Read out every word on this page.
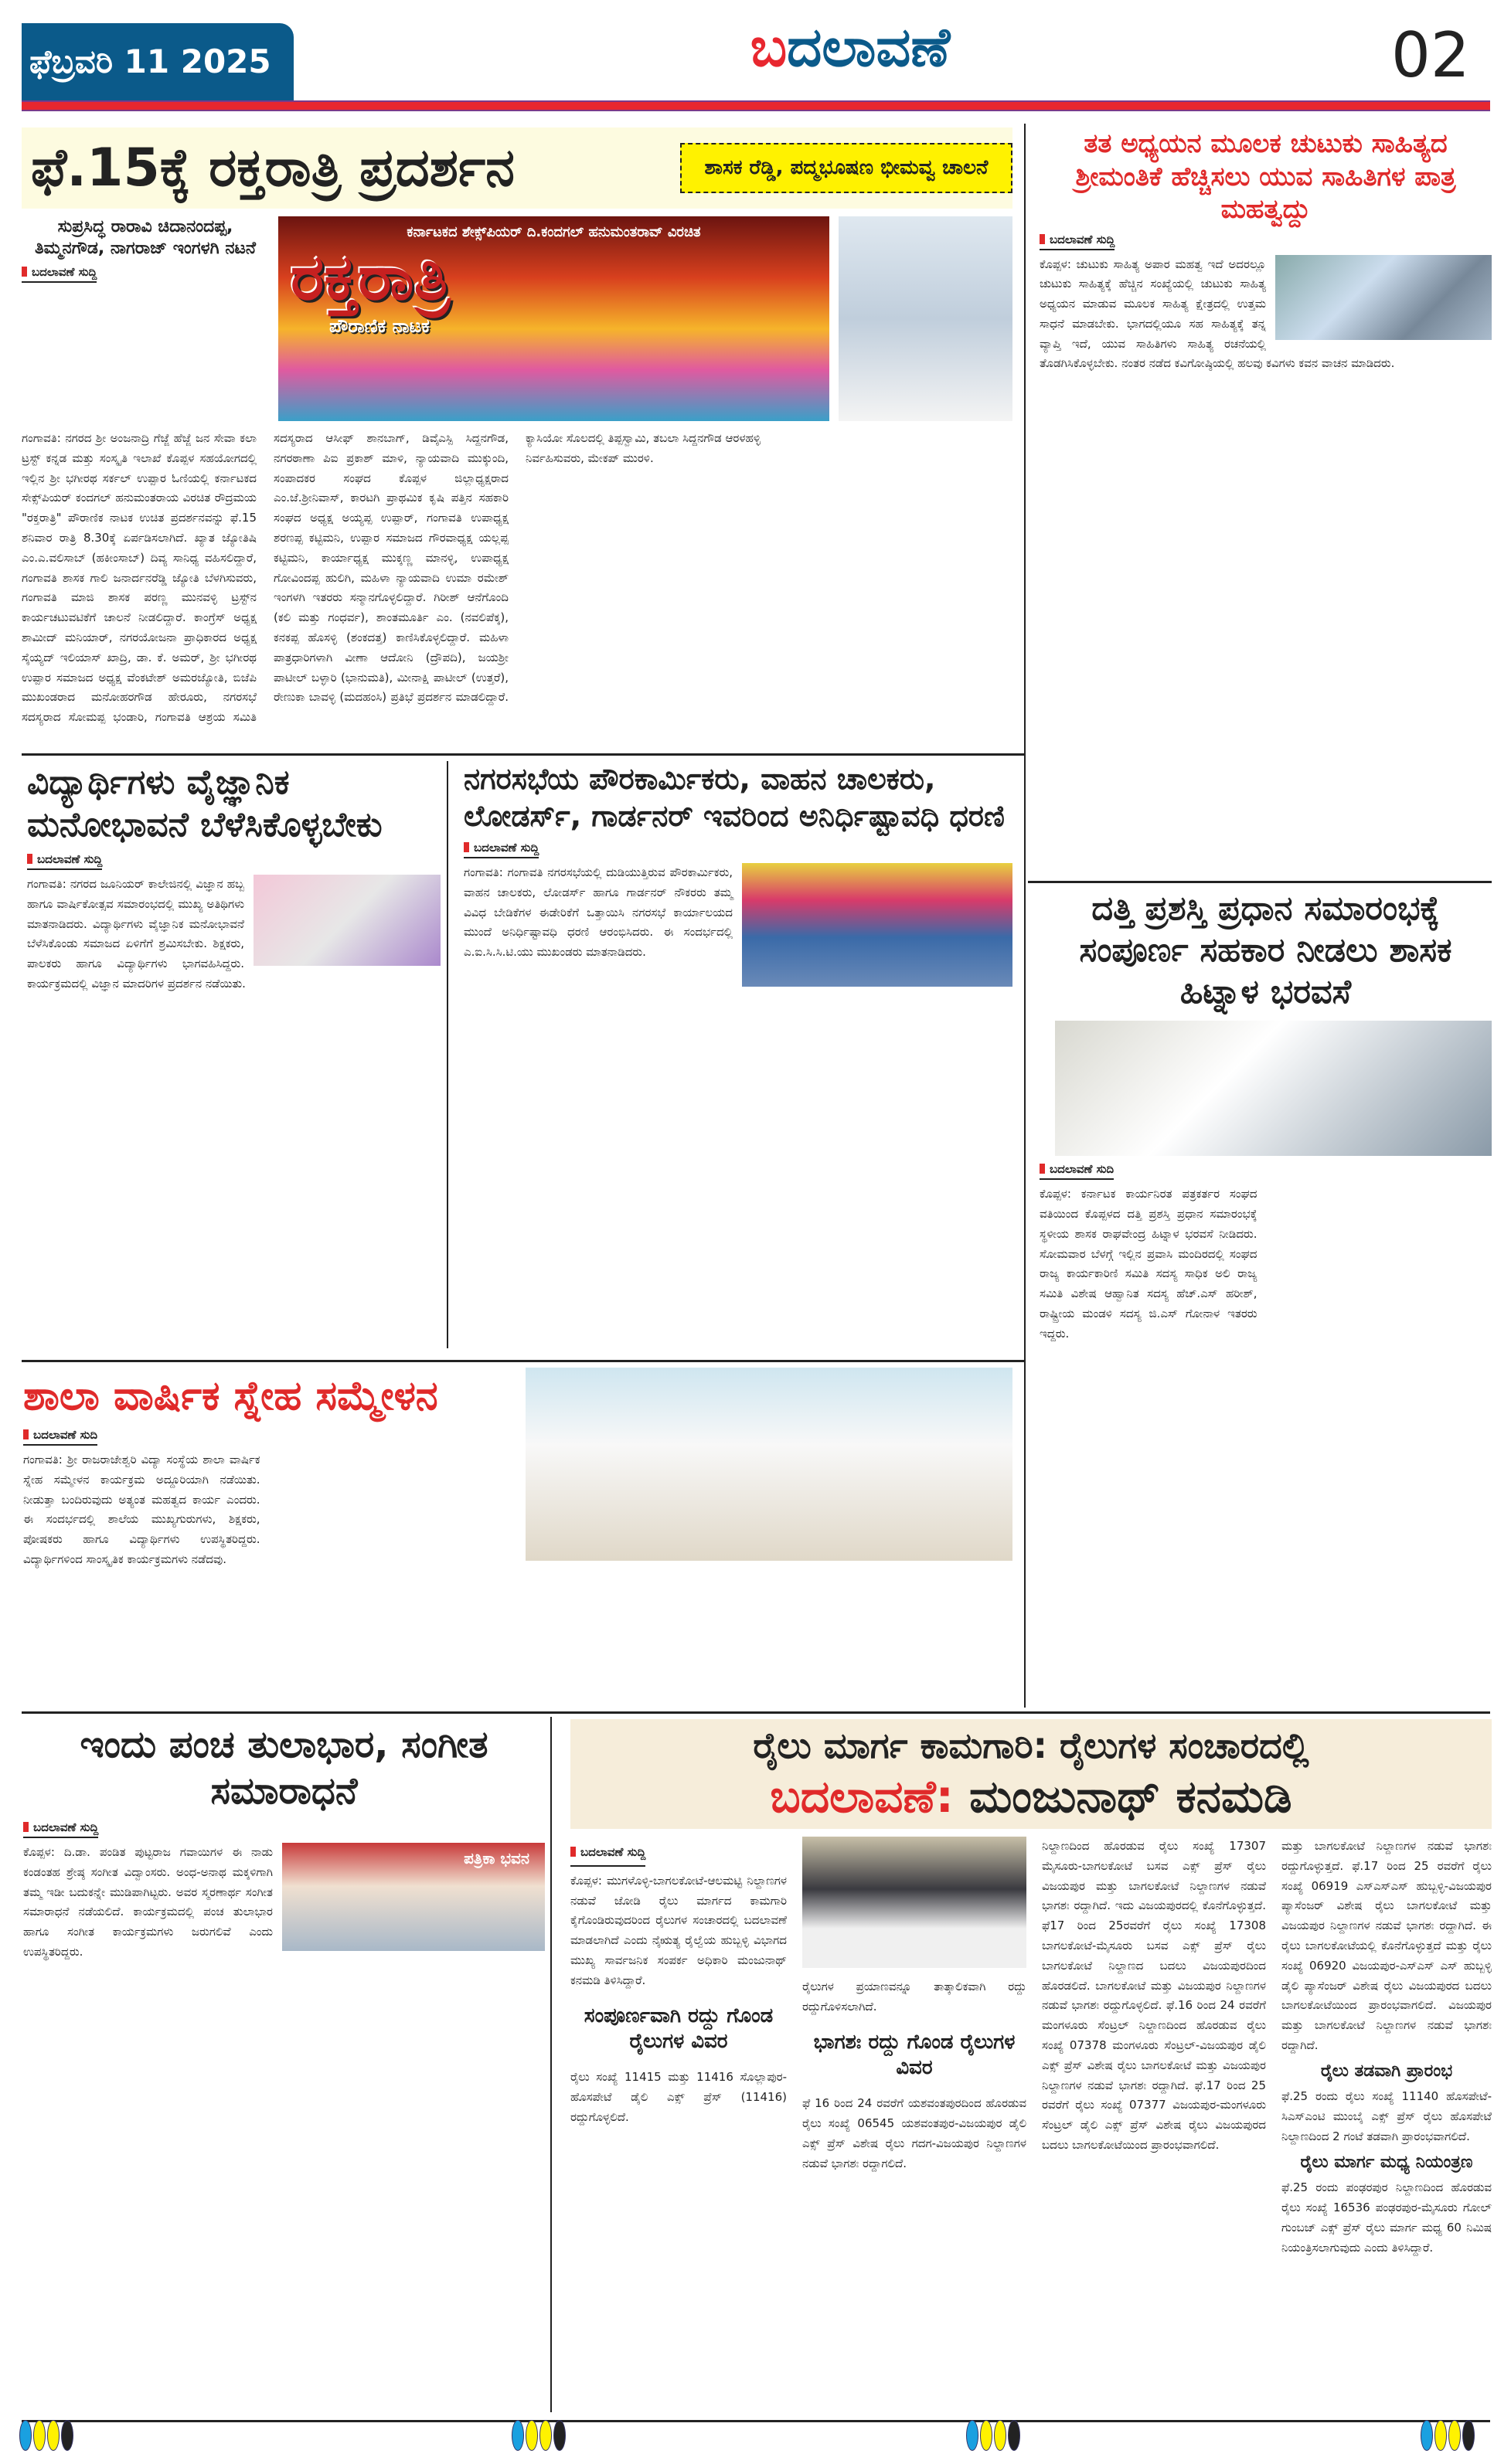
ಫೆಬ್ರವರಿ 11 2025	ಬದಲಾವಣೆ	02
ಫೆ.15ಕ್ಕೆ ರಕ್ತರಾತ್ರಿ ಪ್ರದರ್ಶನ	ಶಾಸಕ ರೆಡ್ಡಿ, ಪದ್ಮಭೂಷಣ ಭೀಮವ್ವ ಚಾಲನೆ
ಸುಪ್ರಸಿದ್ಧ ರಾರಾವಿ ಚಿದಾನಂದಪ್ಪ, ತಿಮ್ಮನಗೌಡ, ನಾಗರಾಜ್ ಇಂಗಳಗಿ ನಟನೆ
ಬದಲಾವಣೆ ಸುದ್ದಿ
ಕರ್ನಾಟಕದ ಶೇಕ್ಸ್‌ಪಿಯರ್ ದಿ.ಕಂದಗಲ್ ಹನುಮಂತರಾವ್ ವಿರಚಿತ
ರಕ್ತರಾತ್ರಿ
ಪೌರಾಣಿಕ ನಾಟಕ
ಗಂಗಾವತಿ: ನಗರದ ಶ್ರೀ ಅಂಜನಾದ್ರಿ ಗೆಜ್ಜೆ ಹೆಜ್ಜೆ ಜನ ಸೇವಾ ಕಲಾ ಟ್ರಸ್ಟ್ ಕನ್ನಡ ಮತ್ತು ಸಂಸ್ಕೃತಿ ಇಲಾಖೆ ಕೊಪ್ಪಳ ಸಹಯೋಗದಲ್ಲಿ ಇಲ್ಲಿನ ಶ್ರೀ ಭಗೀರಥ ಸರ್ಕಲ್ ಉಪ್ಪಾರ ಓಣಿಯಲ್ಲಿ ಕರ್ನಾಟಕದ ಸೇಕ್ಸ್‌ಪಿಯರ್ ಕಂದಗಲ್ ಹನುಮಂತರಾಯ ವಿರಚಿತ ರೌದ್ರಮಯ "ರಕ್ತರಾತ್ರಿ" ಪೌರಾಣಿಕ ನಾಟಕ ಉಚಿತ ಪ್ರದರ್ಶನವನ್ನು ಫೆ.15 ಶನಿವಾರ ರಾತ್ರಿ 8.30ಕ್ಕೆ ಏರ್ಪಡಿಸಲಾಗಿದೆ. ಖ್ಯಾತ ಜ್ಯೋತಿಷಿ ಎಂ.ಎ.ವಲಿಸಾಬ್ (ಹಕೀಂಸಾಬ್) ದಿವ್ಯ ಸಾನಿಧ್ಯ ವಹಿಸಲಿದ್ದಾರೆ, ಗಂಗಾವತಿ ಶಾಸಕ ಗಾಲಿ ಜನಾರ್ದನರೆಡ್ಡಿ ಜ್ಯೋತಿ ಬೆಳಗಿಸುವರು, ಗಂಗಾವತಿ ಮಾಜಿ ಶಾಸಕ ಪರಣ್ಣ ಮುನವಳ್ಳಿ ಟ್ರಸ್ಟ್‌ನ ಕಾರ್ಯಚಟುವಟಿಕೆಗೆ ಚಾಲನೆ ನೀಡಲಿದ್ದಾರೆ. ಕಾಂಗ್ರೆಸ್ ಅಧ್ಯಕ್ಷ ಶಾಮೀದ್ ಮನಿಯಾರ್, ನಗರಯೋಜನಾ ಪ್ರಾಧಿಕಾರದ ಅಧ್ಯಕ್ಷ ಸೈಯ್ಯದ್ ಇಲಿಯಾಸ್ ಖಾದ್ರಿ, ಡಾ. ಕೆ. ಅಮರ್, ಶ್ರೀ ಭಗೀರಥ ಉಪ್ಪಾರ ಸಮಾಜದ ಅಧ್ಯಕ್ಷ ವೆಂಕಟೇಶ್ ಅಮರಜ್ಯೋತಿ, ಬಿಜೆಪಿ ಮುಖಂಡರಾದ ಮನೋಹರಗೌಡ ಹೇರೂರು, ನಗರಸಭೆ ಸದಸ್ಯರಾದ ಸೋಮಪ್ಪ ಭಂಡಾರಿ, ಗಂಗಾವತಿ ಆಶ್ರಯ ಸಮಿತಿ ಸದಸ್ಯರಾದ ಆಸೀಫ್ ಶಾನಬಾಗ್, ಡಿವೈಎಸ್ಪಿ ಸಿದ್ದನಗೌಡ, ನಗರಠಾಣಾ ಪಿಐ ಪ್ರಕಾಶ್ ಮಾಳಿ, ನ್ಯಾಯವಾದಿ ಮುಕ್ಕುಂದಿ, ಸಂಪಾದಕರ ಸಂಘದ ಕೊಪ್ಪಳ ಜಿಲ್ಲಾಧ್ಯಕ್ಷರಾದ ಎಂ.ಜೆ.ಶ್ರೀನಿವಾಸ್, ಕಾರಟಗಿ ಪ್ರಾಥಮಿಕ ಕೃಷಿ ಪತ್ತಿನ ಸಹಕಾರಿ ಸಂಘದ ಅಧ್ಯಕ್ಷ ಅಯ್ಯಪ್ಪ ಉಪ್ಪಾರ್, ಗಂಗಾವತಿ ಉಪಾಧ್ಯಕ್ಷ ಶರಣಪ್ಪ ಕಟ್ಟಿಮನಿ, ಉಪ್ಪಾರ ಸಮಾಜದ ಗೌರವಾಧ್ಯಕ್ಷ ಯಲ್ಲಪ್ಪ ಕಟ್ಟಿಮನಿ, ಕಾರ್ಯಾಧ್ಯಕ್ಷ ಮುಕ್ಕಣ್ಣ ಮಾನಳ್ಳಿ, ಉಪಾಧ್ಯಕ್ಷ ಗೋವಿಂದಪ್ಪ ಹುಲಿಗಿ, ಮಹಿಳಾ ನ್ಯಾಯವಾದಿ ಉಮಾ ರಮೇಶ್ ಇಂಗಳಗಿ ಇತರರು ಸನ್ಮಾನಗೊಳ್ಳಲಿದ್ದಾರೆ. ಗಿರೀಶ್ ಆನೆಗೊಂದಿ (ಕಲಿ ಮತ್ತು ಗಂಧರ್ವ), ಶಾಂತಮೂರ್ತಿ ಎಂ. (ನವಲಿಪೆಕ್ಕ), ಕನಕಪ್ಪ ಹೊಸಳ್ಳಿ (ಶಂಕದತ್ತ) ಕಾಣಿಸಿಕೊಳ್ಳಲಿದ್ದಾರೆ. ಮಹಿಳಾ ಪಾತ್ರಧಾರಿಗಳಾಗಿ ವೀಣಾ ಆದೋನಿ (ದ್ರೌಪದಿ), ಜಯಶ್ರೀ ಪಾಟೀಲ್ ಬಳ್ಳಾರಿ (ಭಾನುಮತಿ), ಮೀನಾಕ್ಷಿ ಪಾಟೀಲ್ (ಉತ್ತರೆ), ರೇಣುಕಾ ಬಾವಳ್ಳಿ (ಮದಹಂಸಿ) ಪ್ರತಿಭೆ ಪ್ರದರ್ಶನ ಮಾಡಲಿದ್ದಾರೆ. ಕ್ಯಾಸಿಯೋ ಸೊಲದಲ್ಲಿ ತಿಪ್ಪಸ್ವಾಮಿ, ತಬಲಾ ಸಿದ್ದನಗೌಡ ಆರಳಹಳ್ಳಿ ನಿರ್ವಹಿಸುವರು, ಮೇಕಪ್ ಮುರಳಿ.
ತತ ಅಧ್ಯಯನ ಮೂಲಕ ಚುಟುಕು ಸಾಹಿತ್ಯದ ಶ್ರೀಮಂತಿಕೆ ಹೆಚ್ಚಿಸಲು ಯುವ ಸಾಹಿತಿಗಳ ಪಾತ್ರ ಮಹತ್ವದ್ದು
ಬದಲಾವಣೆ ಸುದ್ದಿ
ಕೊಪ್ಪಳ: ಚುಟುಕು ಸಾಹಿತ್ಯ ಅಪಾರ ಮಹತ್ವ ಇದೆ ಅದರಲ್ಲೂ ಚುಟುಕು ಸಾಹಿತ್ಯಕ್ಕೆ ಹೆಚ್ಚಿನ ಸಂಖ್ಯೆಯಲ್ಲಿ ಚುಟುಕು ಸಾಹಿತ್ಯ ಅಧ್ಯಯನ ಮಾಡುವ ಮೂಲಕ ಸಾಹಿತ್ಯ ಕ್ಷೇತ್ರದಲ್ಲಿ ಉತ್ತಮ ಸಾಧನೆ ಮಾಡಬೇಕು. ಭಾಗದಲ್ಲಿಯೂ ಸಹ ಸಾಹಿತ್ಯಕ್ಕೆ ತನ್ನ ವ್ಯಾಪ್ತಿ ಇದೆ, ಯುವ ಸಾಹಿತಿಗಳು ಸಾಹಿತ್ಯ ರಚನೆಯಲ್ಲಿ ತೊಡಗಿಸಿಕೊಳ್ಳಬೇಕು. ನಂತರ ನಡೆದ ಕವಿಗೋಷ್ಠಿಯಲ್ಲಿ ಹಲವು ಕವಿಗಳು ಕವನ ವಾಚನ ಮಾಡಿದರು.
ವಿದ್ಯಾರ್ಥಿಗಳು ವೈಜ್ಞಾನಿಕ ಮನೋಭಾವನೆ ಬೆಳೆಸಿಕೊಳ್ಳಬೇಕು
ಬದಲಾವಣೆ ಸುದ್ದಿ
ಗಂಗಾವತಿ: ನಗರದ ಜೂನಿಯರ್ ಕಾಲೇಜಿನಲ್ಲಿ ವಿಜ್ಞಾನ ಹಬ್ಬ ಹಾಗೂ ವಾರ್ಷಿಕೋತ್ಸವ ಸಮಾರಂಭದಲ್ಲಿ ಮುಖ್ಯ ಅತಿಥಿಗಳು ಮಾತನಾಡಿದರು. ವಿದ್ಯಾರ್ಥಿಗಳು ವೈಜ್ಞಾನಿಕ ಮನೋಭಾವನೆ ಬೆಳೆಸಿಕೊಂಡು ಸಮಾಜದ ಏಳಿಗೆಗೆ ಶ್ರಮಿಸಬೇಕು. ಶಿಕ್ಷಕರು, ಪಾಲಕರು ಹಾಗೂ ವಿದ್ಯಾರ್ಥಿಗಳು ಭಾಗವಹಿಸಿದ್ದರು. ಕಾರ್ಯಕ್ರಮದಲ್ಲಿ ವಿಜ್ಞಾನ ಮಾದರಿಗಳ ಪ್ರದರ್ಶನ ನಡೆಯಿತು.
ನಗರಸಭೆಯ ಪೌರಕಾರ್ಮಿಕರು, ವಾಹನ ಚಾಲಕರು, ಲೋಡರ್ಸ್, ಗಾರ್ಡನರ್ ಇವರಿಂದ ಅನಿರ್ಧಿಷ್ಟಾವಧಿ ಧರಣಿ
ಬದಲಾವಣೆ ಸುದ್ದಿ
ಗಂಗಾವತಿ: ಗಂಗಾವತಿ ನಗರಸಭೆಯಲ್ಲಿ ದುಡಿಯುತ್ತಿರುವ ಪೌರಕಾರ್ಮಿಕರು, ವಾಹನ ಚಾಲಕರು, ಲೋಡರ್ಸ್ ಹಾಗೂ ಗಾರ್ಡನರ್ ನೌಕರರು ತಮ್ಮ ವಿವಿಧ ಬೇಡಿಕೆಗಳ ಈಡೇರಿಕೆಗೆ ಒತ್ತಾಯಿಸಿ ನಗರಸಭೆ ಕಾರ್ಯಾಲಯದ ಮುಂದೆ ಅನಿರ್ಧಿಷ್ಟಾವಧಿ ಧರಣಿ ಆರಂಭಿಸಿದರು. ಈ ಸಂದರ್ಭದಲ್ಲಿ ಎ.ಐ.ಸಿ.ಸಿ.ಟಿ.ಯು ಮುಖಂಡರು ಮಾತನಾಡಿದರು.
ದತ್ತಿ ಪ್ರಶಸ್ತಿ ಪ್ರಧಾನ ಸಮಾರಂಭಕ್ಕೆ ಸಂಪೂರ್ಣ ಸಹಕಾರ ನೀಡಲು ಶಾಸಕ ಹಿಟ್ನಾಳ ಭರವಸೆ
ಬದಲಾವಣೆ ಸುದಿ
ಕೊಪ್ಪಳ: ಕರ್ನಾಟಕ ಕಾರ್ಯನಿರತ ಪತ್ರಕರ್ತರ ಸಂಘದ ವತಿಯಿಂದ ಕೊಪ್ಪಳದ ದತ್ತಿ ಪ್ರಶಸ್ತಿ ಪ್ರಧಾನ ಸಮಾರಂಭಕ್ಕೆ ಸ್ಥಳೀಯ ಶಾಸಕ ರಾಘವೇಂದ್ರ ಹಿಟ್ನಾಳ ಭರವಸೆ ನೀಡಿದರು. ಸೋಮವಾರ ಬೆಳಗ್ಗೆ ಇಲ್ಲಿನ ಪ್ರವಾಸಿ ಮಂದಿರದಲ್ಲಿ ಸಂಘದ ರಾಜ್ಯ ಕಾರ್ಯಕಾರಿಣಿ ಸಮಿತಿ ಸದಸ್ಯ ಸಾಧಿಕ ಅಲಿ ರಾಜ್ಯ ಸಮಿತಿ ವಿಶೇಷ ಆಹ್ವಾನಿತ ಸದಸ್ಯ ಹೆಚ್.ಎಸ್ ಹರೀಶ್, ರಾಷ್ಟ್ರೀಯ ಮಂಡಳಿ ಸದಸ್ಯ ಜಿ.ಎಸ್ ಗೋನಾಳ ಇತರರು ಇದ್ದರು.
ಶಾಲಾ ವಾರ್ಷಿಕ ಸ್ನೇಹ ಸಮ್ಮೇಳನ
ಬದಲಾವಣೆ ಸುದಿ
ಗಂಗಾವತಿ: ಶ್ರೀ ರಾಜರಾಜೇಶ್ವರಿ ವಿದ್ಯಾ ಸಂಸ್ಥೆಯ ಶಾಲಾ ವಾರ್ಷಿಕ ಸ್ನೇಹ ಸಮ್ಮೇಳನ ಕಾರ್ಯಕ್ರಮ ಅದ್ದೂರಿಯಾಗಿ ನಡೆಯಿತು. ನೀಡುತ್ತಾ ಬಂದಿರುವುದು ಅತ್ಯಂತ ಮಹತ್ವದ ಕಾರ್ಯ ಎಂದರು. ಈ ಸಂದರ್ಭದಲ್ಲಿ ಶಾಲೆಯ ಮುಖ್ಯಗುರುಗಳು, ಶಿಕ್ಷಕರು, ಪೋಷಕರು ಹಾಗೂ ವಿದ್ಯಾರ್ಥಿಗಳು ಉಪಸ್ಥಿತರಿದ್ದರು. ವಿದ್ಯಾರ್ಥಿಗಳಿಂದ ಸಾಂಸ್ಕೃತಿಕ ಕಾರ್ಯಕ್ರಮಗಳು ನಡೆದವು.
ಇಂದು ಪಂಚ ತುಲಾಭಾರ, ಸಂಗೀತ ಸಮಾರಾಧನೆ
ಬದಲಾವಣೆ ಸುದ್ದಿ
ಪತ್ರಿಕಾ ಭವನ
ಕೊಪ್ಪಳ: ದಿ.ಡಾ. ಪಂಡಿತ ಪುಟ್ಟರಾಜ ಗವಾಯಿಗಳ ಈ ನಾಡು ಕಂಡಂತಹ ಶ್ರೇಷ್ಠ ಸಂಗೀತ ವಿದ್ವಾಂಸರು. ಅಂಧ-ಅನಾಥ ಮಕ್ಕಳಿಗಾಗಿ ತಮ್ಮ ಇಡೀ ಬದುಕನ್ನೇ ಮುಡಿಪಾಗಿಟ್ಟರು. ಅವರ ಸ್ಮರಣಾರ್ಥ ಸಂಗೀತ ಸಮಾರಾಧನೆ ನಡೆಯಲಿದೆ. ಕಾರ್ಯಕ್ರಮದಲ್ಲಿ ಪಂಚ ತುಲಾಭಾರ ಹಾಗೂ ಸಂಗೀತ ಕಾರ್ಯಕ್ರಮಗಳು ಜರುಗಲಿವೆ ಎಂದು ಉಪಸ್ಥಿತರಿದ್ದರು.
ರೈಲು ಮಾರ್ಗ ಕಾಮಗಾರಿ: ರೈಲುಗಳ ಸಂಚಾರದಲ್ಲಿ
ಬದಲಾವಣೆ: ಮಂಜುನಾಥ್ ಕನಮಡಿ
ಬದಲಾವಣೆ ಸುದ್ದಿ
ಕೊಪ್ಪಳ: ಮುಗಳೊಳ್ಳಿ-ಬಾಗಲಕೋಟೆ-ಆಲಮಟ್ಟಿ ನಿಲ್ದಾಣಗಳ ನಡುವೆ ಜೋಡಿ ರೈಲು ಮಾರ್ಗದ ಕಾಮಗಾರಿ ಕೈಗೊಂಡಿರುವುದರಿಂದ ರೈಲುಗಳ ಸಂಚಾರದಲ್ಲಿ ಬದಲಾವಣೆ ಮಾಡಲಾಗಿದೆ ಎಂದು ನೈಋತ್ಯ ರೈಲ್ವೆಯ ಹುಬ್ಬಳ್ಳಿ ವಿಭಾಗದ ಮುಖ್ಯ ಸಾರ್ವಜನಿಕ ಸಂಪರ್ಕ ಅಧಿಕಾರಿ ಮಂಜುನಾಥ್ ಕನಮಡಿ ತಿಳಿಸಿದ್ದಾರೆ.
ಸಂಪೂರ್ಣವಾಗಿ ರದ್ದು ಗೊಂಡ ರೈಲುಗಳ ವಿವರ
ರೈಲು ಸಂಖ್ಯೆ 11415 ಮತ್ತು 11416 ಸೊಲ್ಲಾಪುರ-ಹೊಸಪೇಟೆ ಡೈಲಿ ಎಕ್ಸ್ ಪ್ರೆಸ್ (11416) ರದ್ದುಗೊಳ್ಳಲಿದೆ.
ರೈಲುಗಳ ಪ್ರಯಾಣವನ್ನೂ ತಾತ್ಕಾಲಿಕವಾಗಿ ರದ್ದು ರದ್ದುಗೊಳಿಸಲಾಗಿದೆ.
ಭಾಗಶಃ ರದ್ದು ಗೊಂಡ ರೈಲುಗಳ ವಿವರ
ಫೆ 16 ರಿಂದ 24 ರವರೆಗೆ ಯಶವಂತಪುರದಿಂದ ಹೊರಡುವ ರೈಲು ಸಂಖ್ಯೆ 06545 ಯಶವಂತಪುರ-ವಿಜಯಪುರ ಡೈಲಿ ಎಕ್ಸ್ ಪ್ರೆಸ್ ವಿಶೇಷ ರೈಲು ಗದಗ-ವಿಜಯಪುರ ನಿಲ್ದಾಣಗಳ ನಡುವೆ ಭಾಗಶಃ ರದ್ದಾಗಲಿದೆ.
ನಿಲ್ದಾಣದಿಂದ ಹೊರಡುವ ರೈಲು ಸಂಖ್ಯೆ 17307 ಮೈಸೂರು-ಬಾಗಲಕೋಟೆ ಬಸವ ಎಕ್ಸ್ ಪ್ರೆಸ್ ರೈಲು ವಿಜಯಪುರ ಮತ್ತು ಬಾಗಲಕೋಟೆ ನಿಲ್ದಾಣಗಳ ನಡುವೆ ಭಾಗಶಃ ರದ್ದಾಗಿದೆ. ಇದು ವಿಜಯಪುರದಲ್ಲಿ ಕೊನೆಗೊಳ್ಳುತ್ತದೆ. ಫೆ17 ರಿಂದ 25ರವರೆಗೆ ರೈಲು ಸಂಖ್ಯೆ 17308 ಬಾಗಲಕೋಟೆ-ಮೈಸೂರು ಬಸವ ಎಕ್ಸ್ ಪ್ರೆಸ್ ರೈಲು ಬಾಗಲಕೋಟೆ ನಿಲ್ದಾಣದ ಬದಲು ವಿಜಯಪುರದಿಂದ ಹೊರಡಲಿದೆ. ಬಾಗಲಕೋಟೆ ಮತ್ತು ವಿಜಯಪುರ ನಿಲ್ದಾಣಗಳ ನಡುವೆ ಭಾಗಶಃ ರದ್ದುಗೊಳ್ಳಲಿದೆ. ಫೆ.16 ರಿಂದ 24 ರವರೆಗೆ ಮಂಗಳೂರು ಸೆಂಟ್ರಲ್ ನಿಲ್ದಾಣದಿಂದ ಹೊರಡುವ ರೈಲು ಸಂಖ್ಯೆ 07378 ಮಂಗಳೂರು ಸೆಂಟ್ರಲ್-ವಿಜಯಪುರ ಡೈಲಿ ಎಕ್ಸ್ ಪ್ರೆಸ್ ವಿಶೇಷ ರೈಲು ಬಾಗಲಕೋಟೆ ಮತ್ತು ವಿಜಯಪುರ ನಿಲ್ದಾಣಗಳ ನಡುವೆ ಭಾಗಶಃ ರದ್ದಾಗಿದೆ. ಫೆ.17 ರಿಂದ 25 ರವರೆಗೆ ರೈಲು ಸಂಖ್ಯೆ 07377 ವಿಜಯಪುರ-ಮಂಗಳೂರು ಸೆಂಟ್ರಲ್ ಡೈಲಿ ಎಕ್ಸ್ ಪ್ರೆಸ್ ವಿಶೇಷ ರೈಲು ವಿಜಯಪುರದ ಬದಲು ಬಾಗಲಕೋಟೆಯಿಂದ ಪ್ರಾರಂಭವಾಗಲಿದೆ.
ಮತ್ತು ಬಾಗಲಕೋಟೆ ನಿಲ್ದಾಣಗಳ ನಡುವೆ ಭಾಗಶಃ ರದ್ದುಗೊಳ್ಳುತ್ತದೆ. ಫೆ.17 ರಿಂದ 25 ರವರೆಗೆ ರೈಲು ಸಂಖ್ಯೆ 06919 ಎಸ್ಎಸ್ಎಸ್ ಹುಬ್ಬಳ್ಳಿ-ವಿಜಯಪುರ ಪ್ಯಾಸೆಂಜರ್ ವಿಶೇಷ ರೈಲು ಬಾಗಲಕೋಟೆ ಮತ್ತು ವಿಜಯಪುರ ನಿಲ್ದಾಣಗಳ ನಡುವೆ ಭಾಗಶಃ ರದ್ದಾಗಿದೆ. ಈ ರೈಲು ಬಾಗಲಕೋಟೆಯಲ್ಲಿ ಕೊನೆಗೊಳ್ಳುತ್ತದೆ ಮತ್ತು ರೈಲು ಸಂಖ್ಯೆ 06920 ವಿಜಯಪುರ-ಎಸ್ಎಸ್ ಎಸ್ ಹುಬ್ಬಳ್ಳಿ ಡೈಲಿ ಪ್ಯಾಸೆಂಜರ್ ವಿಶೇಷ ರೈಲು ವಿಜಯಪುರದ ಬದಲು ಬಾಗಲಕೋಟೆಯಿಂದ ಪ್ರಾರಂಭವಾಗಲಿದೆ. ವಿಜಯಪುರ ಮತ್ತು ಬಾಗಲಕೋಟೆ ನಿಲ್ದಾಣಗಳ ನಡುವೆ ಭಾಗಶಃ ರದ್ದಾಗಿದೆ.
ರೈಲು ತಡವಾಗಿ ಪ್ರಾರಂಭ
ಫೆ.25 ರಂದು ರೈಲು ಸಂಖ್ಯೆ 11140 ಹೊಸಪೇಟೆ-ಸಿಎಸ್ಎಂಟಿ ಮುಂಬೈ ಎಕ್ಸ್ ಪ್ರೆಸ್ ರೈಲು ಹೊಸಪೇಟೆ ನಿಲ್ದಾಣದಿಂದ 2 ಗಂಟೆ ತಡವಾಗಿ ಪ್ರಾರಂಭವಾಗಲಿದೆ.
ರೈಲು ಮಾರ್ಗ ಮಧ್ಯ ನಿಯಂತ್ರಣ
ಫೆ.25 ರಂದು ಪಂಢರಪುರ ನಿಲ್ದಾಣದಿಂದ ಹೊರಡುವ ರೈಲು ಸಂಖ್ಯೆ 16536 ಪಂಢರಪುರ-ಮೈಸೂರು ಗೋಲ್ ಗುಂಬಜ್ ಎಕ್ಸ್ ಪ್ರೆಸ್ ರೈಲು ಮಾರ್ಗ ಮಧ್ಯ 60 ನಿಮಿಷ ನಿಯಂತ್ರಿಸಲಾಗುವುದು ಎಂದು ತಿಳಿಸಿದ್ದಾರೆ.
